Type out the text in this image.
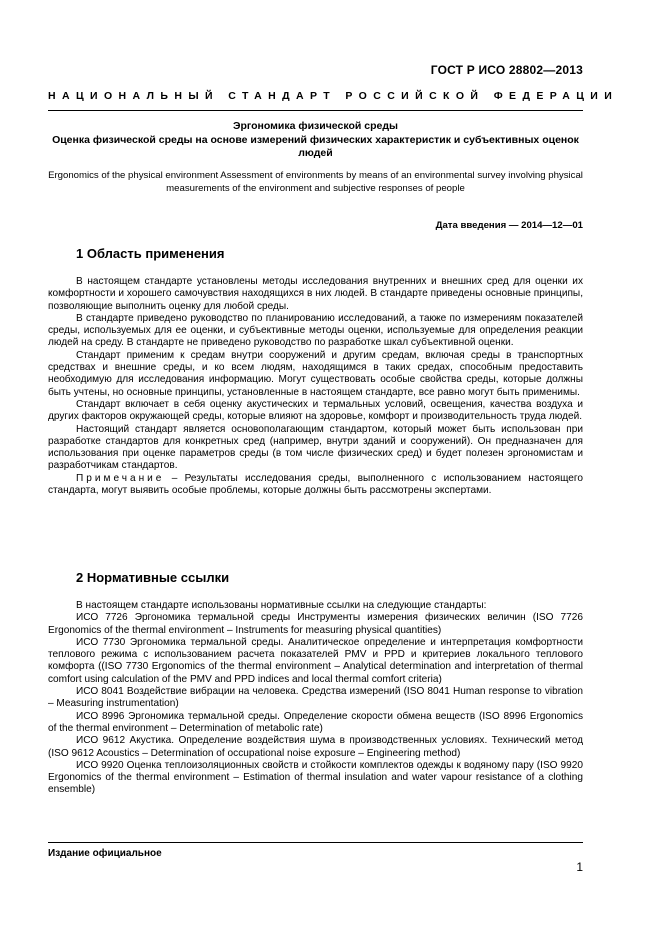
ГОСТ Р ИСО 28802—2013
НАЦИОНАЛЬНЫЙ СТАНДАРТ РОССИЙСКОЙ ФЕДЕРАЦИИ
Эргономика физической среды
Оценка физической среды на основе измерений физических характеристик и субъективных оценок людей
Ergonomics of the physical environment Assessment of environments by means of an environmental survey involving physical measurements of the environment and subjective responses of people
Дата введения — 2014—12—01
1 Область применения

В настоящем стандарте установлены методы исследования внутренних и внешних сред для оценки их комфортности и хорошего самочувствия находящихся в них людей. В стандарте приведены основные принципы, позволяющие выполнить оценку для любой среды.

В стандарте приведено руководство по планированию исследований, а также по измерениям показателей среды, используемых для ее оценки, и субъективные методы оценки, используемые для определения реакции людей на среду. В стандарте не приведено руководство по разработке шкал субъективной оценки.

Стандарт применим к средам внутри сооружений и другим средам, включая среды в транспортных средствах и внешние среды, и ко всем людям, находящимся в таких средах, способным предоставить необходимую для исследования информацию. Могут существовать особые свойства среды, которые должны быть учтены, но основные принципы, установленные в настоящем стандарте, все равно могут быть применимы.

Стандарт включает в себя оценку акустических и термальных условий, освещения, качества воздуха и других факторов окружающей среды, которые влияют на здоровье, комфорт и производительность труда людей.

Настоящий стандарт является основополагающим стандартом, который может быть использован при разработке стандартов для конкретных сред (например, внутри зданий и сооружений). Он предназначен для использования при оценке параметров среды (в том числе физических сред) и будет полезен эргономистам и разработчикам стандартов.

Примечание – Результаты исследования среды, выполненного с использованием настоящего стандарта, могут выявить особые проблемы, которые должны быть рассмотрены экспертами.

2 Нормативные ссылки

В настоящем стандарте использованы нормативные ссылки на следующие стандарты:

ИСО 7726 Эргономика термальной среды Инструменты измерения физических величин (ISO 7726 Ergonomics of the thermal environment – Instruments for measuring physical quantities)

ИСО 7730 Эргономика термальной среды. Аналитическое определение и интерпретация комфортности теплового режима с использованием расчета показателей PMV и PPD и критериев локального теплового комфорта ((ISO 7730 Ergonomics of the thermal environment – Analytical determination and interpretation of thermal comfort using calculation of the PMV and PPD indices and local thermal comfort criteria)

ИСО 8041 Воздействие вибрации на человека. Средства измерений (ISO 8041 Human response to vibration – Measuring instrumentation)

ИСО 8996 Эргономика термальной среды. Определение скорости обмена веществ (ISO 8996 Ergonomics of the thermal environment – Determination of metabolic rate)

ИСО 9612 Акустика. Определение воздействия шума в производственных условиях. Технический метод (ISO 9612 Acoustics – Determination of occupational noise exposure – Engineering method)

ИСО 9920 Оценка теплоизоляционных свойств и стойкости комплектов одежды к водяному пару (ISO 9920 Ergonomics of the thermal environment – Estimation of thermal insulation and water vapour resistance of a clothing ensemble)

Издание официальное
1
